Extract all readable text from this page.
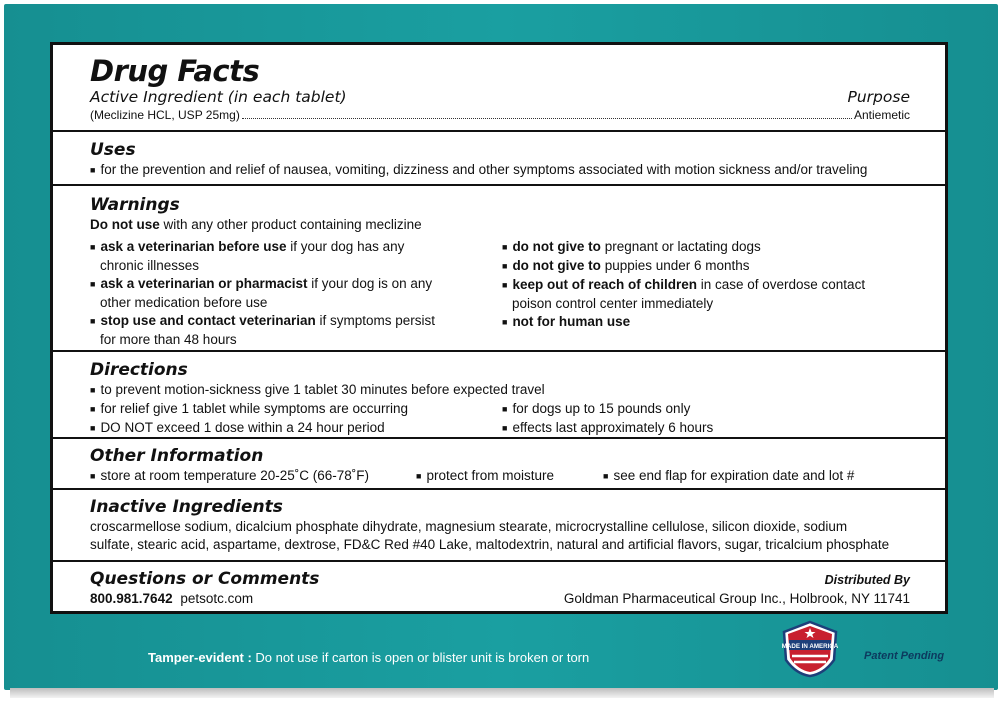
Drug Facts
Active Ingredient (in each tablet)	Purpose
(Meclizine HCL, USP 25mg)	Antiemetic
Uses
■ for the prevention and relief of nausea, vomiting, dizziness and other symptoms associated with motion sickness and/or traveling
Warnings
Do not use with any other product containing meclizine
■ ask a veterinarian before use if your dog has any
chronic illnesses
■ ask a veterinarian or pharmacist if your dog is on any
other medication before use
■ stop use and contact veterinarian if symptoms persist
for more than 48 hours
■ do not give to pregnant or lactating dogs
■ do not give to puppies under 6 months
■ keep out of reach of children in case of overdose contact
poison control center immediately
■ not for human use
Directions
■ to prevent motion-sickness give 1 tablet 30 minutes before expected travel
■ for relief give 1 tablet while symptoms are occurring
■ DO NOT exceed 1 dose within a 24 hour period
■ for dogs up to 15 pounds only
■ effects last approximately 6 hours
Other Information
■ store at room temperature 20-25˚C (66-78˚F)	■ protect from moisture	■ see end flap for expiration date and lot #
Inactive Ingredients
croscarmellose sodium, dicalcium phosphate dihydrate, magnesium stearate, microcrystalline cellulose, silicon dioxide, sodium
sulfate, stearic acid, aspartame, dextrose, FD&C Red #40 Lake, maltodextrin, natural and artificial flavors, sugar, tricalcium phosphate
Questions or Comments	Distributed By
800.981.7642 petsotc.com	Goldman Pharmaceutical Group Inc., Holbrook, NY 11741
Tamper-evident : Do not use if carton is open or blister unit is broken or torn
MADE IN AMERICA
Patent Pending
